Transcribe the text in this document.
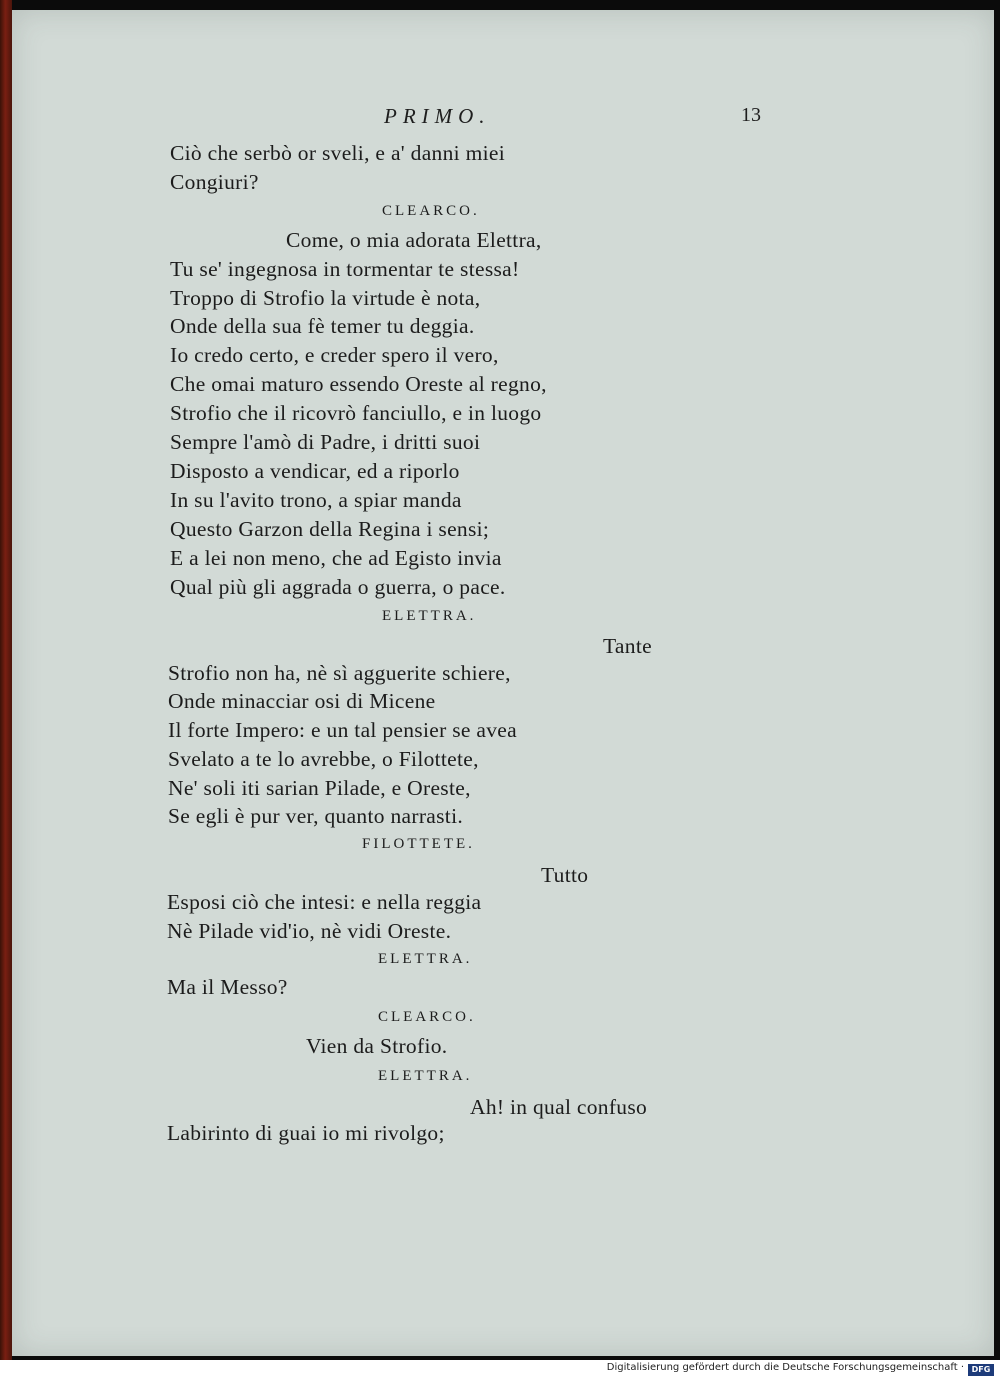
PRIMO.	13
Ciò che serbò or sveli, e a' danni miei
Congiuri?
CLEARCO.
Come, o mia adorata Elettra,
Tu se' ingegnosa in tormentar te stessa!
Troppo di Strofio la virtude è nota,
Onde della sua fè temer tu deggia.
Io credo certo, e creder spero il vero,
Che omai maturo essendo Oreste al regno,
Strofio che il ricovrò fanciullo, e in luogo
Sempre l'amò di Padre, i dritti suoi
Disposto a vendicar, ed a riporlo
In su l'avito trono, a spiar manda
Questo Garzon della Regina i sensi;
E a lei non meno, che ad Egisto invia
Qual più gli aggrada o guerra, o pace.
ELETTRA.
Tante
Strofio non ha, nè sì agguerite schiere,
Onde minacciar osi di Micene
Il forte Impero: e un tal pensier se avea
Svelato a te lo avrebbe, o Filottete,
Ne' soli iti sarian Pilade, e Oreste,
Se egli è pur ver, quanto narrasti.
FILOTTETE.
Tutto
Esposi ciò che intesi: e nella reggia
Nè Pilade vid'io, nè vidi Oreste.
ELETTRA.
Ma il Messo?
CLEARCO.
Vien da Strofio.
ELETTRA.
Ah! in qual confuso
Labirinto di guai io mi rivolgo;
Digitalisierung gefördert durch die Deutsche Forschungsgemeinschaft · DFG
